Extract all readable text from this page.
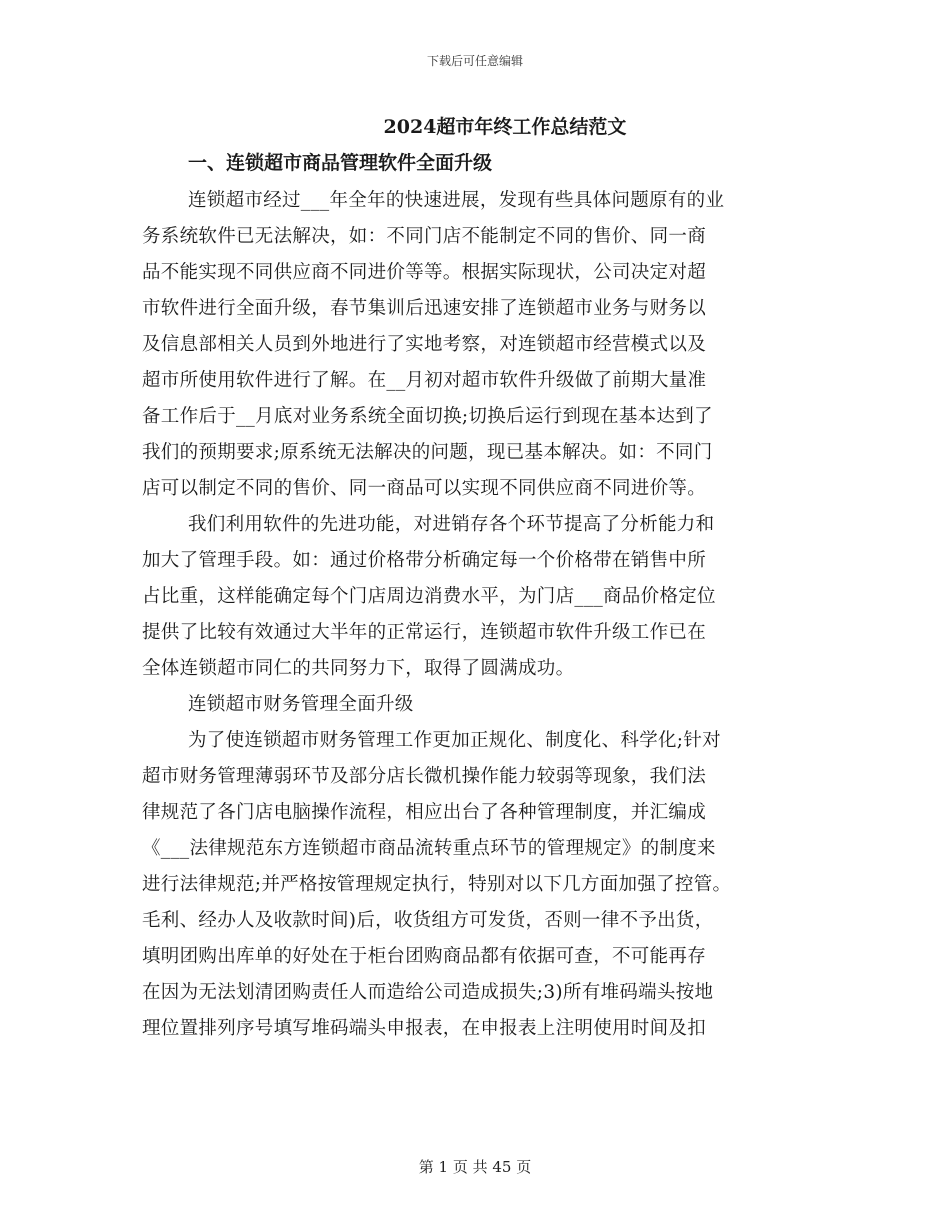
下载后可任意编辑
2024超市年终工作总结范文
一、连锁超市商品管理软件全面升级
连锁超市经过___年全年的快速进展，发现有些具体问题原有的业
务系统软件已无法解决，如：不同门店不能制定不同的售价、同一商
品不能实现不同供应商不同进价等等。根据实际现状，公司决定对超
市软件进行全面升级，春节集训后迅速安排了连锁超市业务与财务以
及信息部相关人员到外地进行了实地考察，对连锁超市经营模式以及
超市所使用软件进行了解。在__月初对超市软件升级做了前期大量准
备工作后于__月底对业务系统全面切换;切换后运行到现在基本达到了
我们的预期要求;原系统无法解决的问题，现已基本解决。如：不同门
店可以制定不同的售价、同一商品可以实现不同供应商不同进价等。
我们利用软件的先进功能，对进销存各个环节提高了分析能力和
加大了管理手段。如：通过价格带分析确定每一个价格带在销售中所
占比重，这样能确定每个门店周边消费水平，为门店___商品价格定位
提供了比较有效通过大半年的正常运行，连锁超市软件升级工作已在
全体连锁超市同仁的共同努力下，取得了圆满成功。
连锁超市财务管理全面升级
为了使连锁超市财务管理工作更加正规化、制度化、科学化;针对
超市财务管理薄弱环节及部分店长微机操作能力较弱等现象，我们法
律规范了各门店电脑操作流程，相应出台了各种管理制度，并汇编成
《___法律规范东方连锁超市商品流转重点环节的管理规定》的制度来
进行法律规范;并严格按管理规定执行，特别对以下几方面加强了控管。
毛利、经办人及收款时间)后，收货组方可发货，否则一律不予出货，
填明团购出库单的好处在于柜台团购商品都有依据可查，不可能再存
在因为无法划清团购责任人而造给公司造成损失;3)所有堆码端头按地
理位置排列序号填写堆码端头申报表，在申报表上注明使用时间及扣
第 1 页 共 45 页
